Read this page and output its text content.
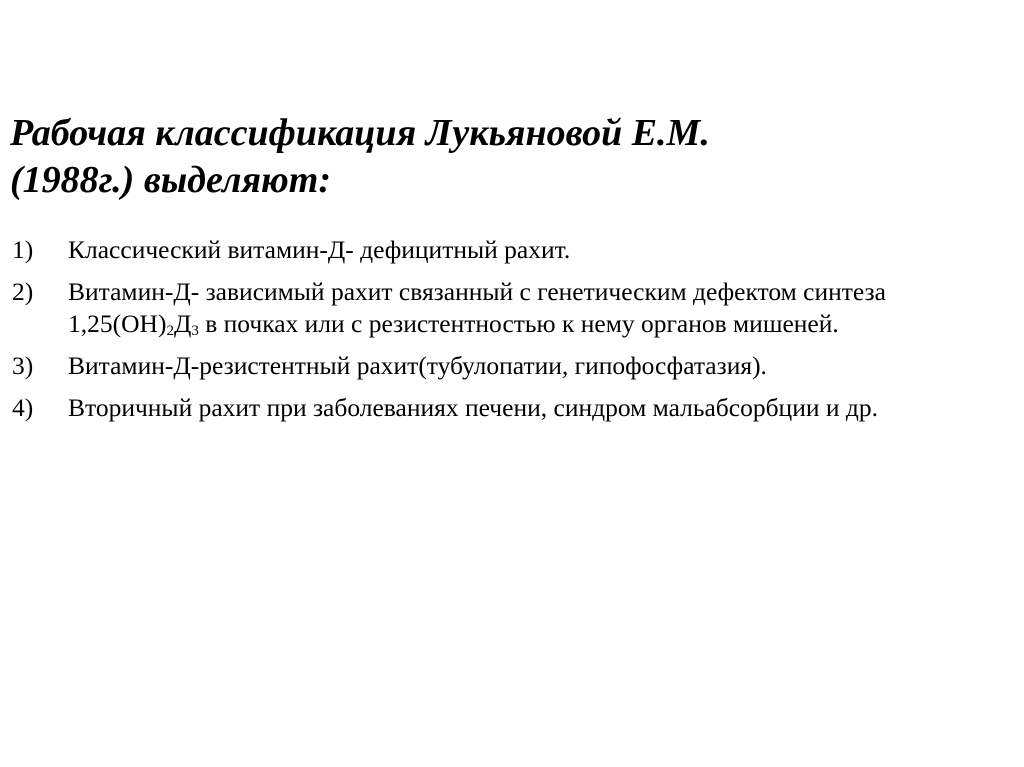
Рабочая классификация Лукьяновой Е.М.
(1988г.) выделяют:
1) Классический витамин-Д- дефицитный рахит.
2) Витамин-Д- зависимый рахит связанный с генетическим дефектом синтеза $1,25(ОН)_2Д_3$ в почках или с резистентностью к нему органов мишеней.
3) Витамин-Д-резистентный рахит(тубулопатии, гипофосфатазия).
4) Вторичный рахит при заболеваниях печени, синдром мальабсорбции и др.
